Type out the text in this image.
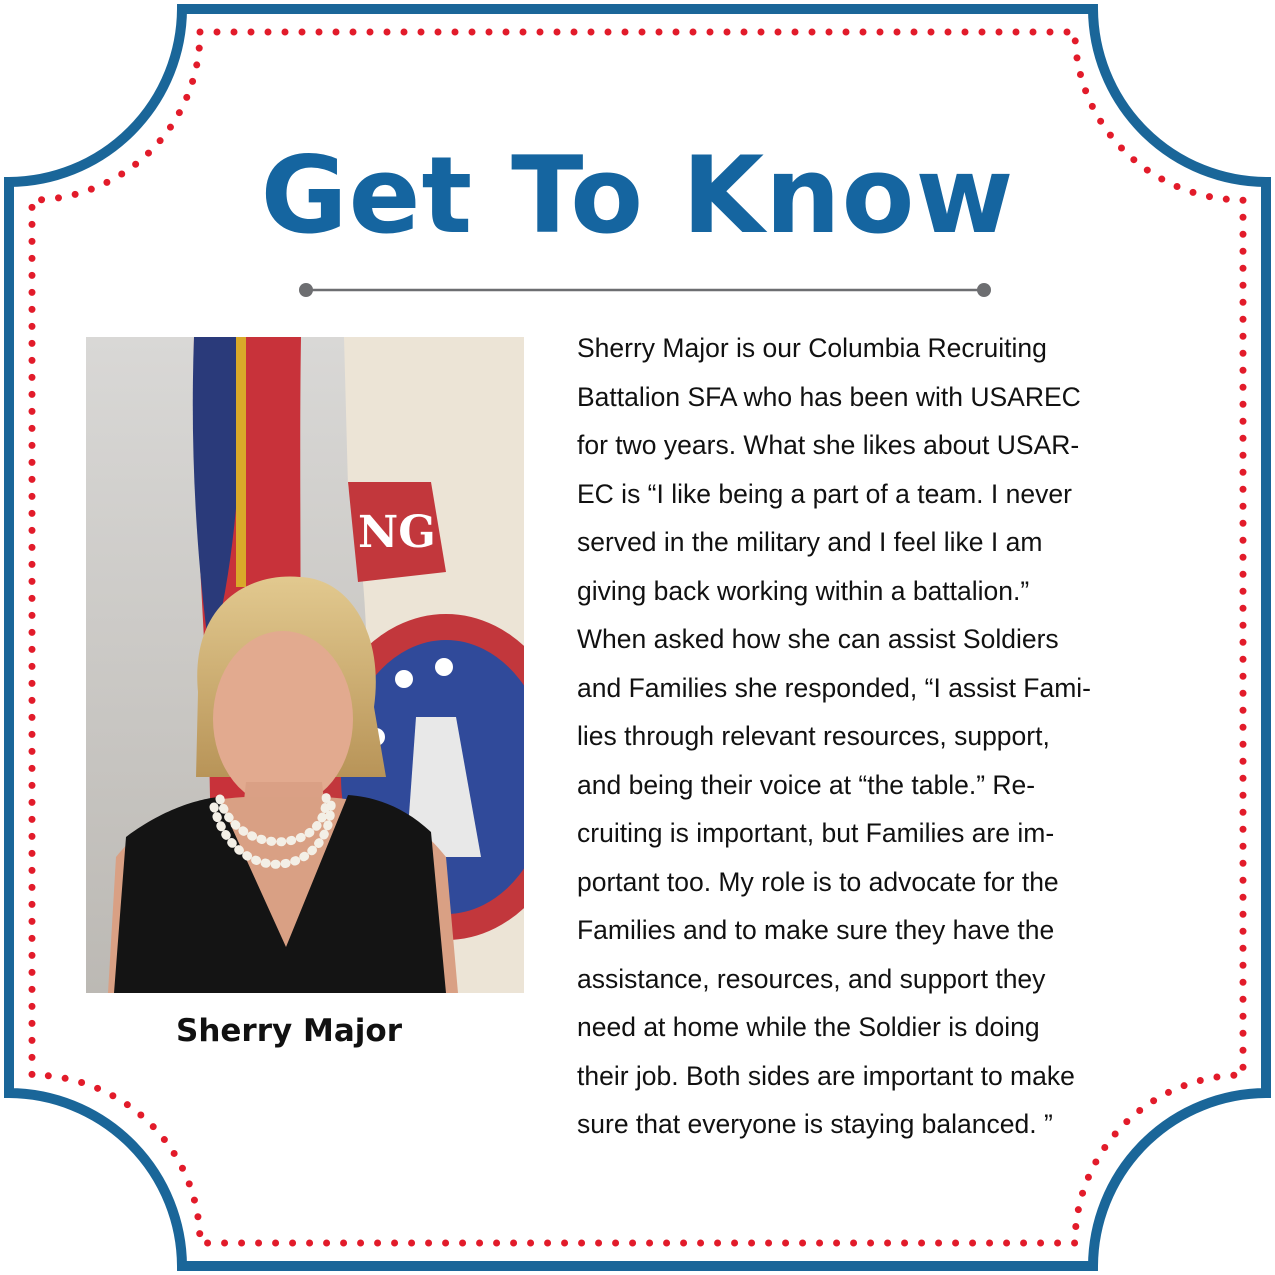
Get To Know
NG

Sherry Major

Sherry Major is our Columbia Recruiting
Battalion SFA who has been with USAREC
for two years. What she likes about USAR-
EC is “I like being a part of a team. I never
served in the military and I feel like I am
giving back working within a battalion.”
When asked how she can assist Soldiers
and Families she responded, “I assist Fami-
lies through relevant resources, support,
and being their voice at “the table.” Re-
cruiting is important, but Families are im-
portant too. My role is to advocate for the
Families and to make sure they have the
assistance, resources, and support they
need at home while the Soldier is doing
their job. Both sides are important to make
sure that everyone is staying balanced. ”
